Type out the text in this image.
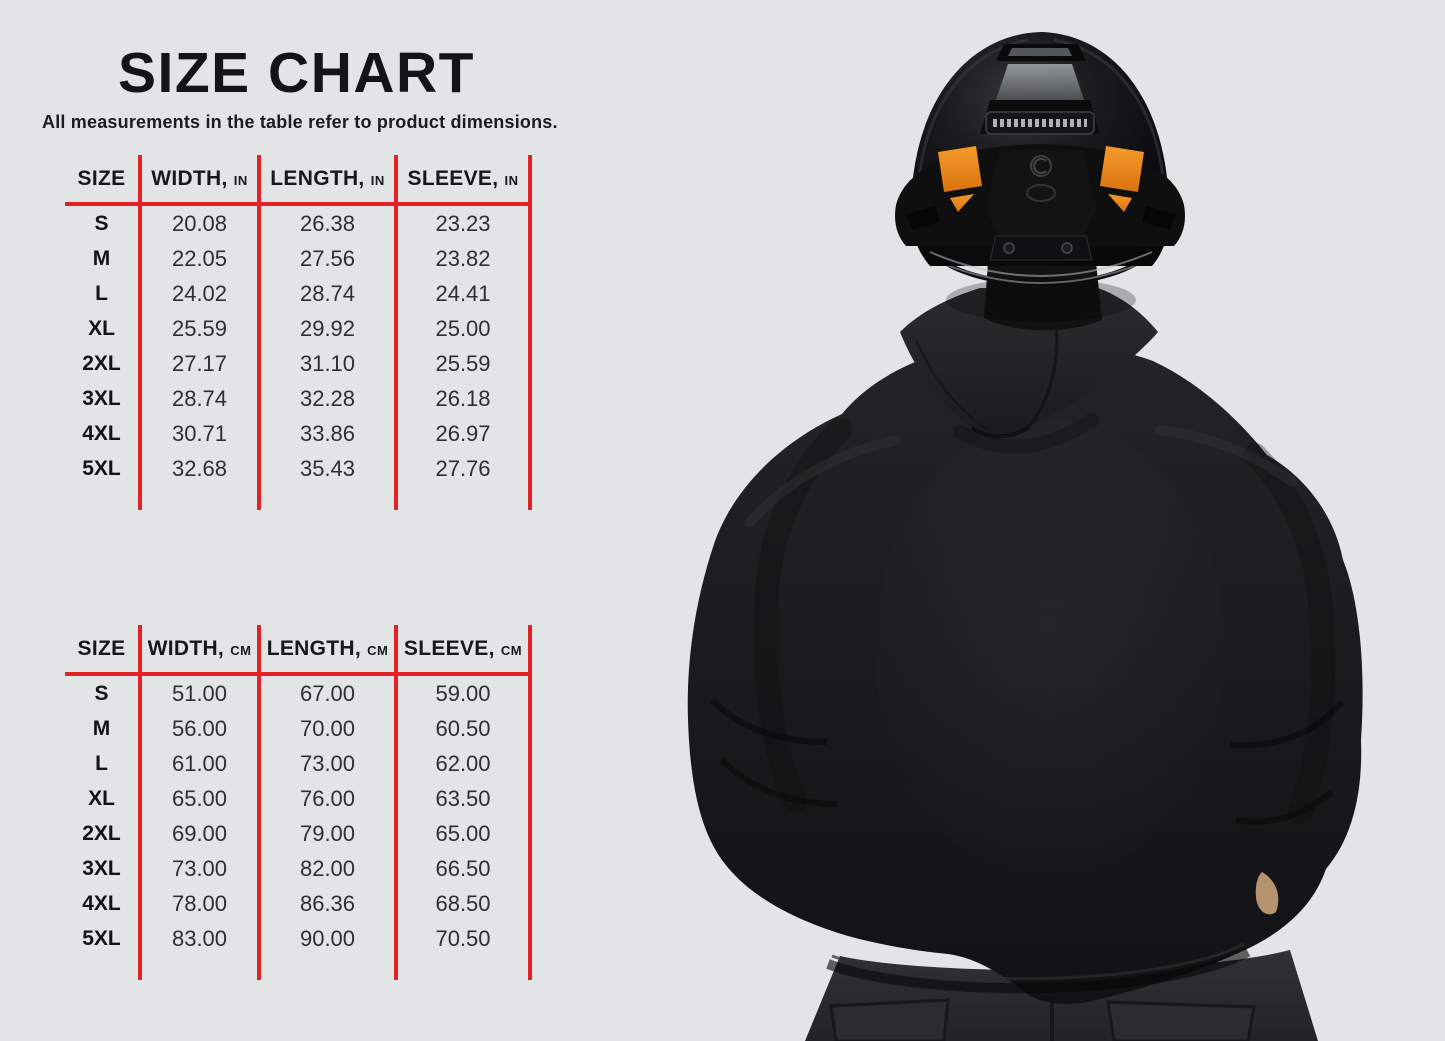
SIZE CHART

All measurements in the table refer to product dimensions.

SIZE	WIDTH, IN	LENGTH, IN	SLEEVE, IN
S	20.08	26.38	23.23
M	22.05	27.56	23.82
L	24.02	28.74	24.41
XL	25.59	29.92	25.00
2XL	27.17	31.10	25.59
3XL	28.74	32.28	26.18
4XL	30.71	33.86	26.97
5XL	32.68	35.43	27.76

SIZE	WIDTH, CM	LENGTH, CM	SLEEVE, CM
S	51.00	67.00	59.00
M	56.00	70.00	60.50
L	61.00	73.00	62.00
XL	65.00	76.00	63.50
2XL	69.00	79.00	65.00
3XL	73.00	82.00	66.50
4XL	78.00	86.36	68.50
5XL	83.00	90.00	70.50
